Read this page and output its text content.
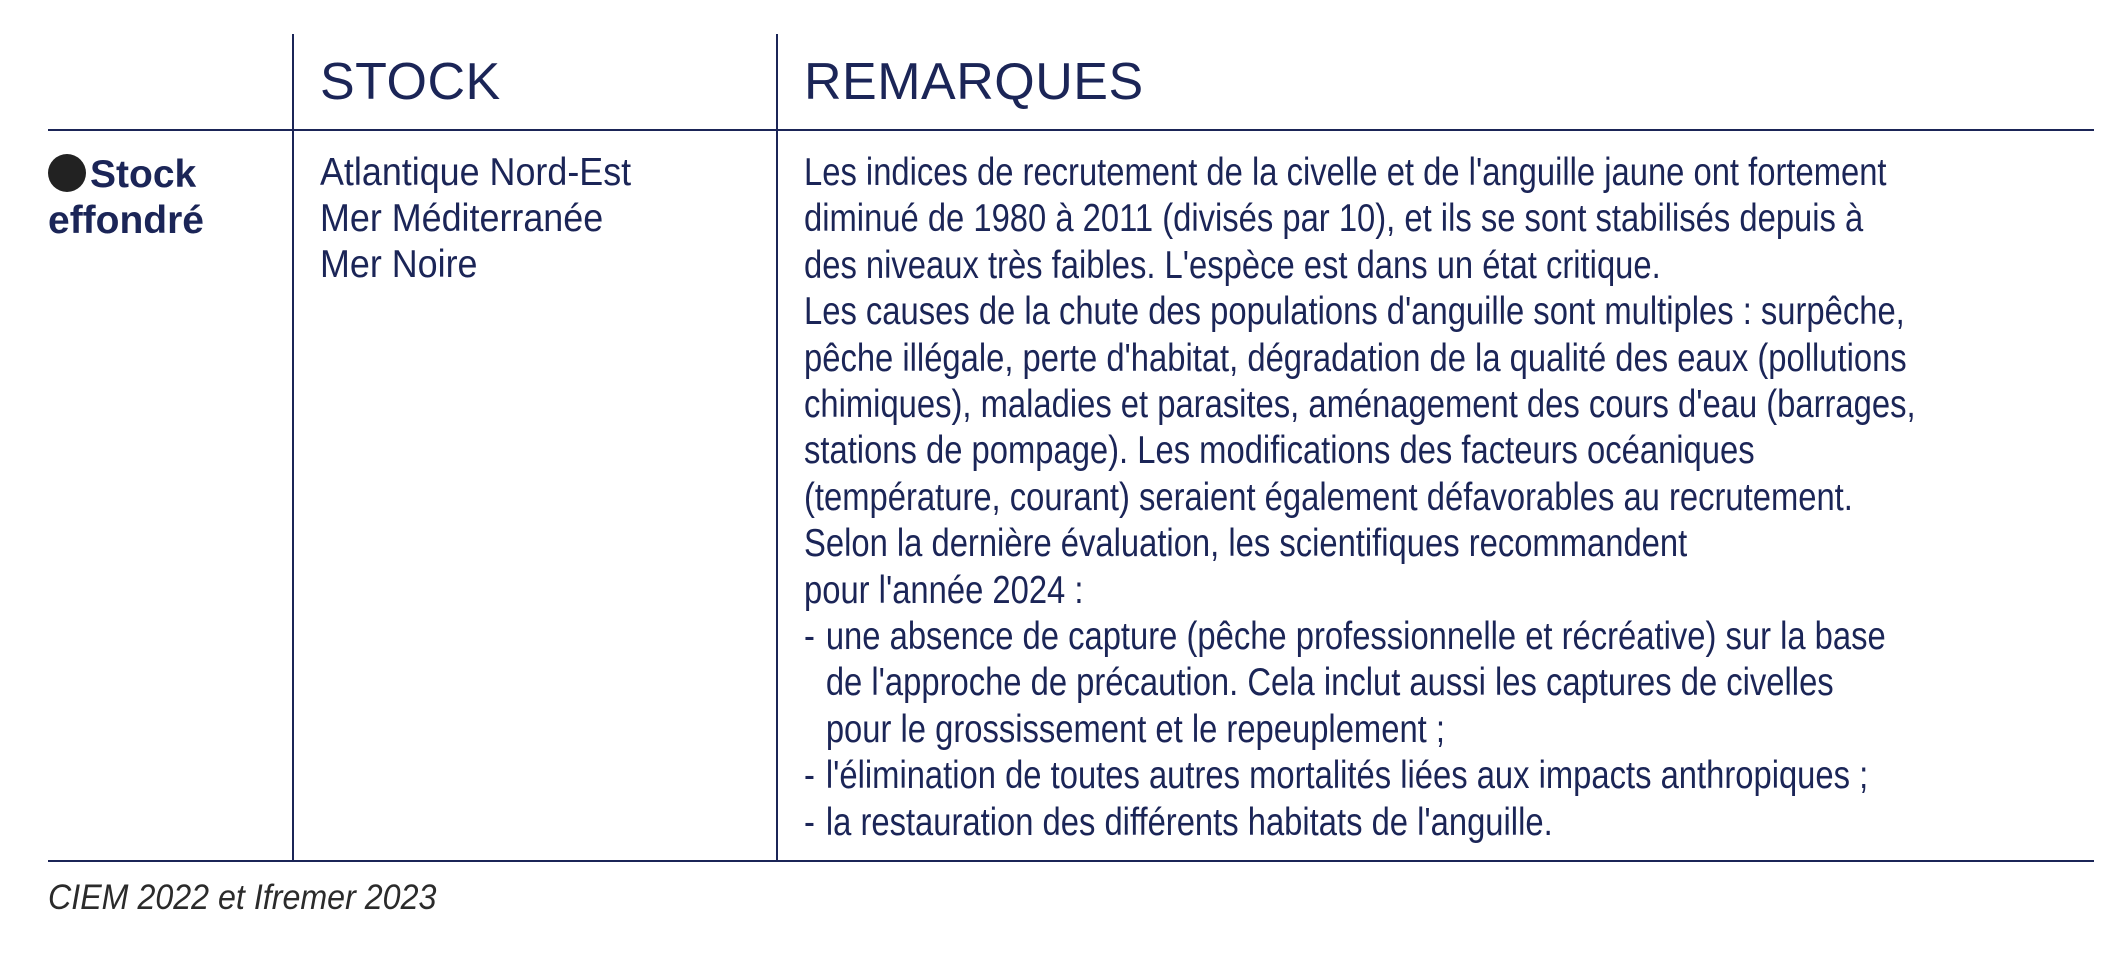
STOCK	REMARQUES
Stock
effondré
Atlantique Nord-Est
Mer Méditerranée
Mer Noire
Les indices de recrutement de la civelle et de l'anguille jaune ont fortement
diminué de 1980 à 2011 (divisés par 10), et ils se sont stabilisés depuis à
des niveaux très faibles. L'espèce est dans un état critique.
Les causes de la chute des populations d'anguille sont multiples : surpêche,
pêche illégale, perte d'habitat, dégradation de la qualité des eaux (pollutions
chimiques), maladies et parasites, aménagement des cours d'eau (barrages,
stations de pompage). Les modifications des facteurs océaniques
(température, courant) seraient également défavorables au recrutement.
Selon la dernière évaluation, les scientifiques recommandent
pour l'année 2024 :
- une absence de capture (pêche professionnelle et récréative) sur la base
de l'approche de précaution. Cela inclut aussi les captures de civelles
pour le grossissement et le repeuplement ;
- l'élimination de toutes autres mortalités liées aux impacts anthropiques ;
- la restauration des différents habitats de l'anguille.
CIEM 2022 et Ifremer 2023
